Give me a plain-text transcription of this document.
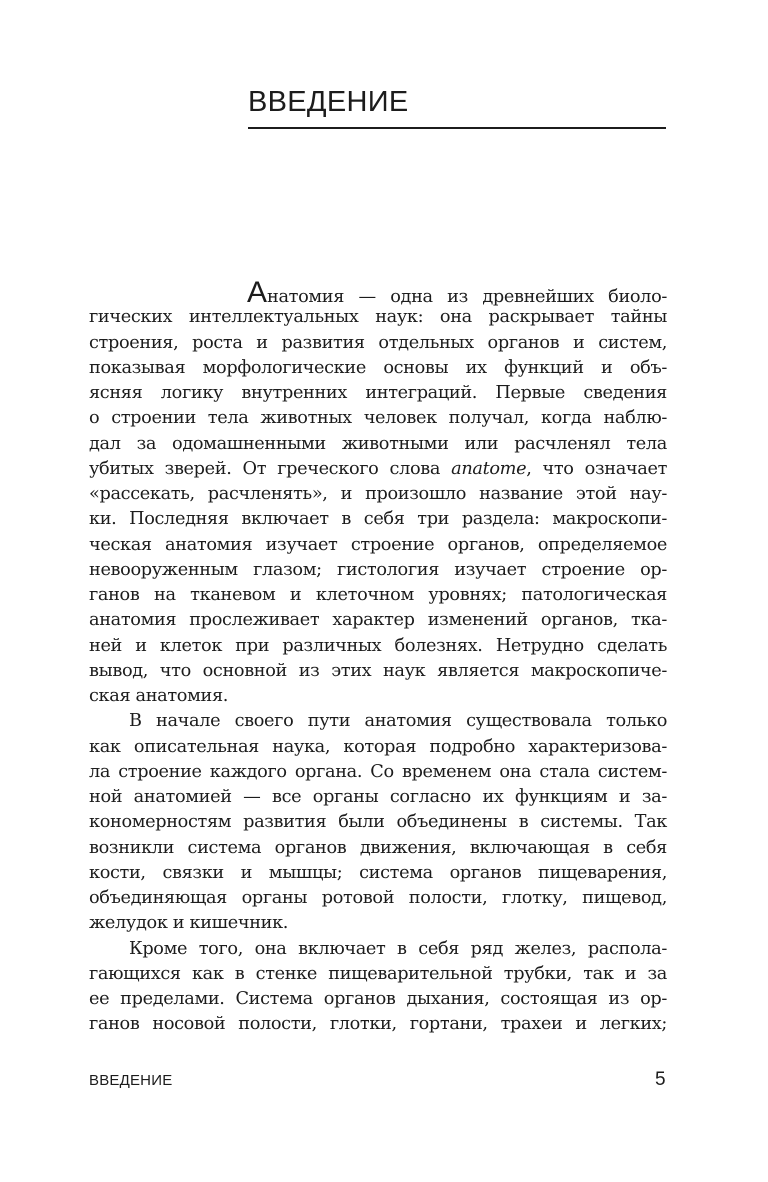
ВВЕДЕНИЕ
Анатомия — одна из древнейших биоло-
гических интеллектуальных наук: она раскрывает тайны
строения, роста и развития отдельных органов и систем,
показывая морфологические основы их функций и объ-
ясняя логику внутренних интеграций. Первые сведения
о строении тела животных человек получал, когда наблю-
дал за одомашненными животными или расчленял тела
убитых зверей. От греческого слова anatome, что означает
«рассекать, расчленять», и произошло название этой нау-
ки. Последняя включает в себя три раздела: макроскопи-
ческая анатомия изучает строение органов, определяемое
невооруженным глазом; гистология изучает строение ор-
ганов на тканевом и клеточном уровнях; патологическая
анатомия прослеживает характер изменений органов, тка-
ней и клеток при различных болезнях. Нетрудно сделать
вывод, что основной из этих наук является макроскопиче-
ская анатомия.
В начале своего пути анатомия существовала только
как описательная наука, которая подробно характеризова-
ла строение каждого органа. Со временем она стала систем-
ной анатомией — все органы согласно их функциям и за-
кономерностям развития были объединены в системы. Так
возникли система органов движения, включающая в себя
кости, связки и мышцы; система органов пищеварения,
объединяющая органы ротовой полости, глотку, пищевод,
желудок и кишечник.
Кроме того, она включает в себя ряд желез, распола-
гающихся как в стенке пищеварительной трубки, так и за
ее пределами. Система органов дыхания, состоящая из ор-
ганов носовой полости, глотки, гортани, трахеи и легких;
ВВЕДЕНИЕ	5
